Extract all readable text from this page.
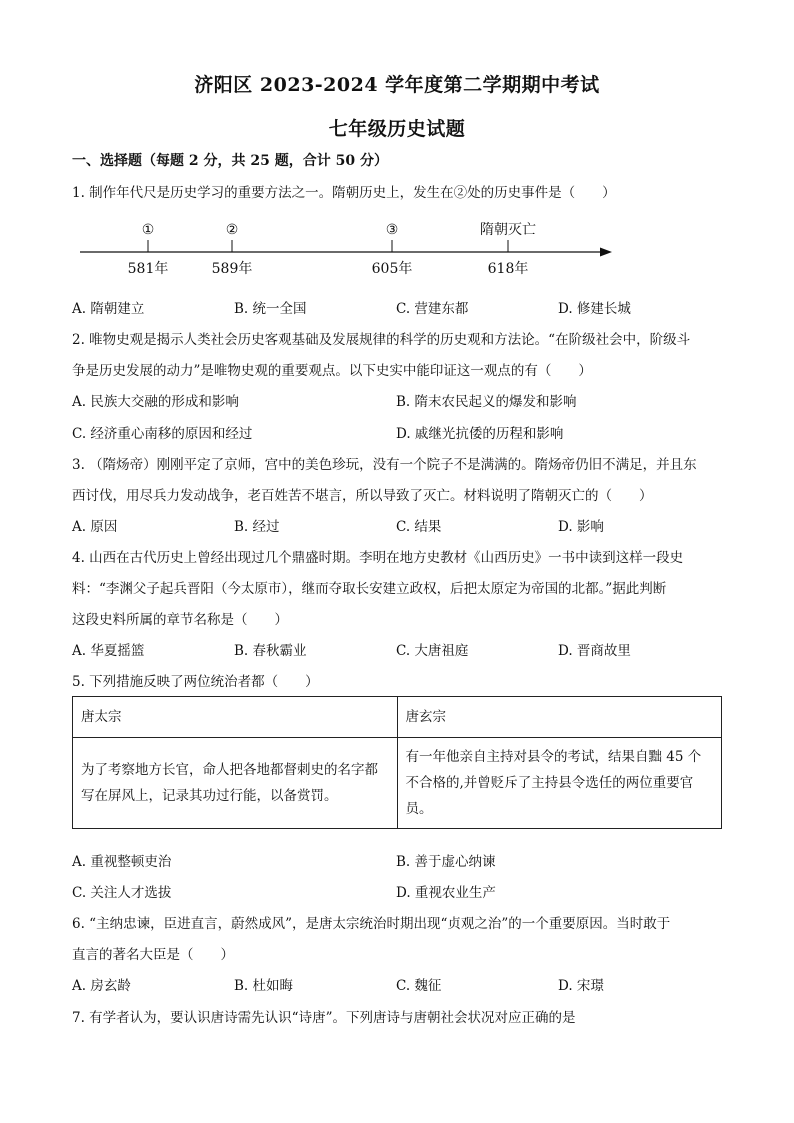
济阳区 2023-2024 学年度第二学期期中考试
七年级历史试题
一、选择题（每题 2 分，共 25 题，合计 50 分）
1. 制作年代尺是历史学习的重要方法之一。隋朝历史上，发生在②处的历史事件是（　　）
①	②	③	隋朝灭亡
581年	589年	605年	618年
A. 隋朝建立	B. 统一全国	C. 营建东都	D. 修建长城
2. 唯物史观是揭示人类社会历史客观基础及发展规律的科学的历史观和方法论。“在阶级社会中，阶级斗
争是历史发展的动力”是唯物史观的重要观点。以下史实中能印证这一观点的有（　　）
A. 民族大交融的形成和影响	B. 隋末农民起义的爆发和影响
C. 经济重心南移的原因和经过	D. 戚继光抗倭的历程和影响
3. （隋炀帝）刚刚平定了京师，宫中的美色珍玩，没有一个院子不是满满的。隋炀帝仍旧不满足，并且东
西讨伐，用尽兵力发动战争，老百姓苦不堪言，所以导致了灭亡。材料说明了隋朝灭亡的（　　）
A. 原因	B. 经过	C. 结果	D. 影响
4. 山西在古代历史上曾经出现过几个鼎盛时期。李明在地方史教材《山西历史》一书中读到这样一段史
料：“李渊父子起兵晋阳（今太原市），继而夺取长安建立政权，后把太原定为帝国的北都。”据此判断
这段史料所属的章节名称是（　　）
A. 华夏摇篮	B. 春秋霸业	C. 大唐祖庭	D. 晋商故里
5. 下列措施反映了两位统治者都（　　）
唐太宗	唐玄宗
为了考察地方长官，命人把各地都督刺史的名字都写在屏风上，记录其功过行能，以备赏罚。	有一年他亲自主持对县令的考试，结果自黜 45 个不合格的,并曾贬斥了主持县令选任的两位重要官员。
A. 重视整顿吏治	B. 善于虚心纳谏
C. 关注人才选拔	D. 重视农业生产
6. “主纳忠谏，臣进直言，蔚然成风”，是唐太宗统治时期出现“贞观之治”的一个重要原因。当时敢于
直言的著名大臣是（　　）
A. 房玄龄	B. 杜如晦	C. 魏征	D. 宋璟
7. 有学者认为，要认识唐诗需先认识“诗唐”。下列唐诗与唐朝社会状况对应正确的是
